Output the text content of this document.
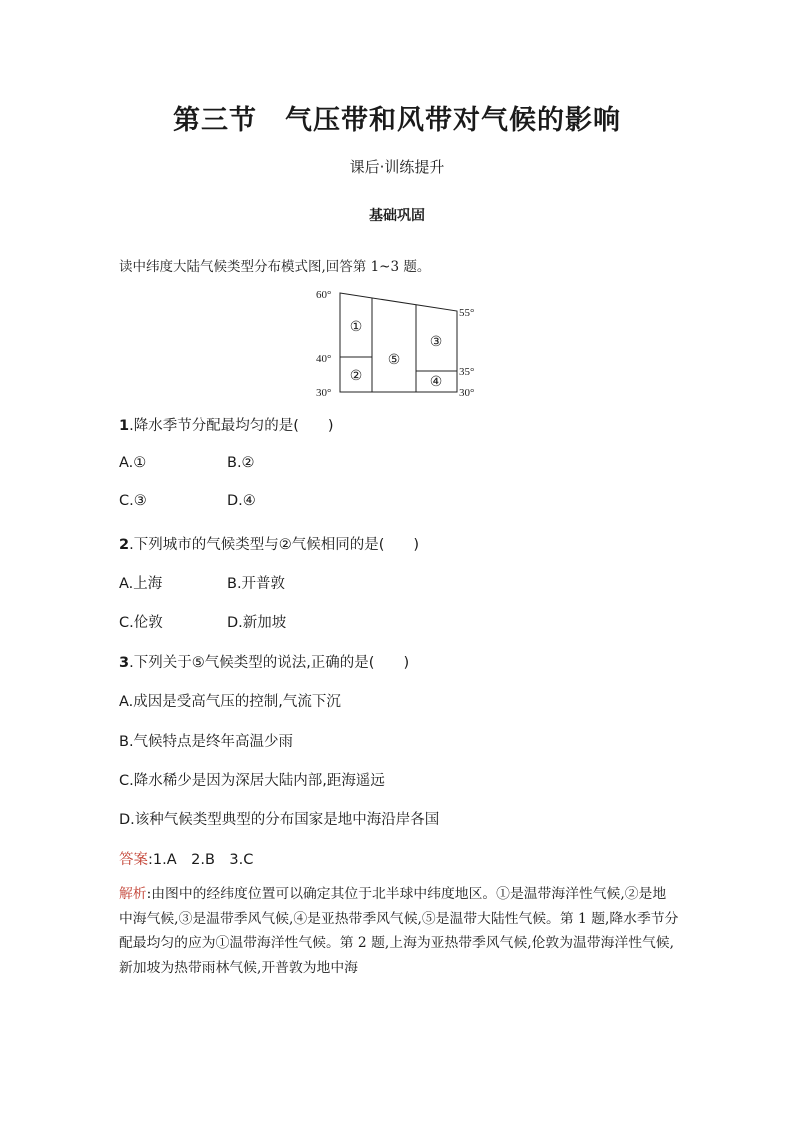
第三节 气压带和风带对气候的影响
课后·训练提升
基础巩固
读中纬度大陆气候类型分布模式图,回答第 1~3 题。
60°
40°
30°
55°
35°
30°
①
②
③
④
⑤
1.降水季节分配最均匀的是(　　)
A.①	B.②
C.③	D.④
2.下列城市的气候类型与②气候相同的是(　　)
A.上海	B.开普敦
C.伦敦	D.新加坡
3.下列关于⑤气候类型的说法,正确的是(　　)
A.成因是受高气压的控制,气流下沉
B.气候特点是终年高温少雨
C.降水稀少是因为深居大陆内部,距海遥远
D.该种气候类型典型的分布国家是地中海沿岸各国
答案:1.A　2.B　3.C
解析:由图中的经纬度位置可以确定其位于北半球中纬度地区。①是温带海洋性气候,②是地中海气候,③是温带季风气候,④是亚热带季风气候,⑤是温带大陆性气候。第 1 题,降水季节分配最均匀的应为①温带海洋性气候。第 2 题,上海为亚热带季风气候,伦敦为温带海洋性气候,新加坡为热带雨林气候,开普敦为地中海
